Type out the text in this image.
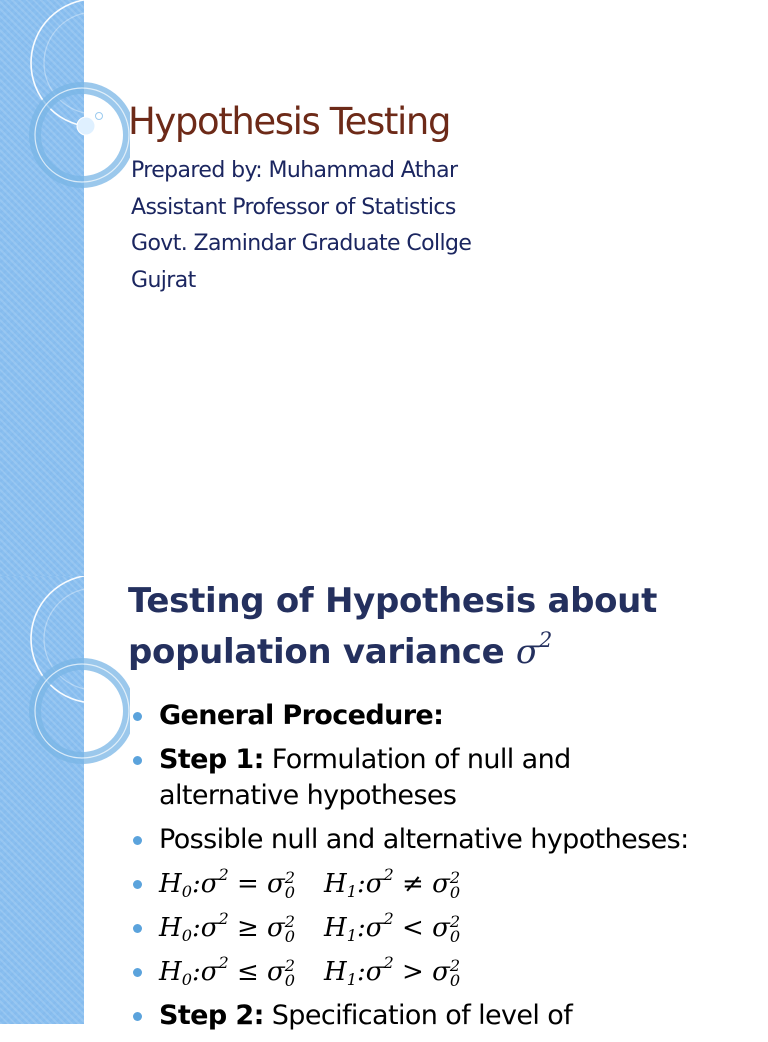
Hypothesis Testing
Prepared by: Muhammad Athar
Assistant Professor of Statistics
Govt. Zamindar Graduate Collge
Gujrat
Testing of Hypothesis about
population variance $\sigma^2$
General Procedure:
Step 1: Formulation of null and
alternative hypotheses
Possible null and alternative hypotheses:
$H_0:\sigma^2 = \sigma$ 2
0 $H_1:\sigma^2 \ne \sigma$ 2
0
$H_0:\sigma^2 \ge \sigma$ 2
0 $H_1:\sigma^2 < \sigma$ 2
0
$H_0:\sigma^2 \le \sigma$ 2
0 $H_1:\sigma^2 > \sigma$ 2
0
Step 2: Specification of level of
